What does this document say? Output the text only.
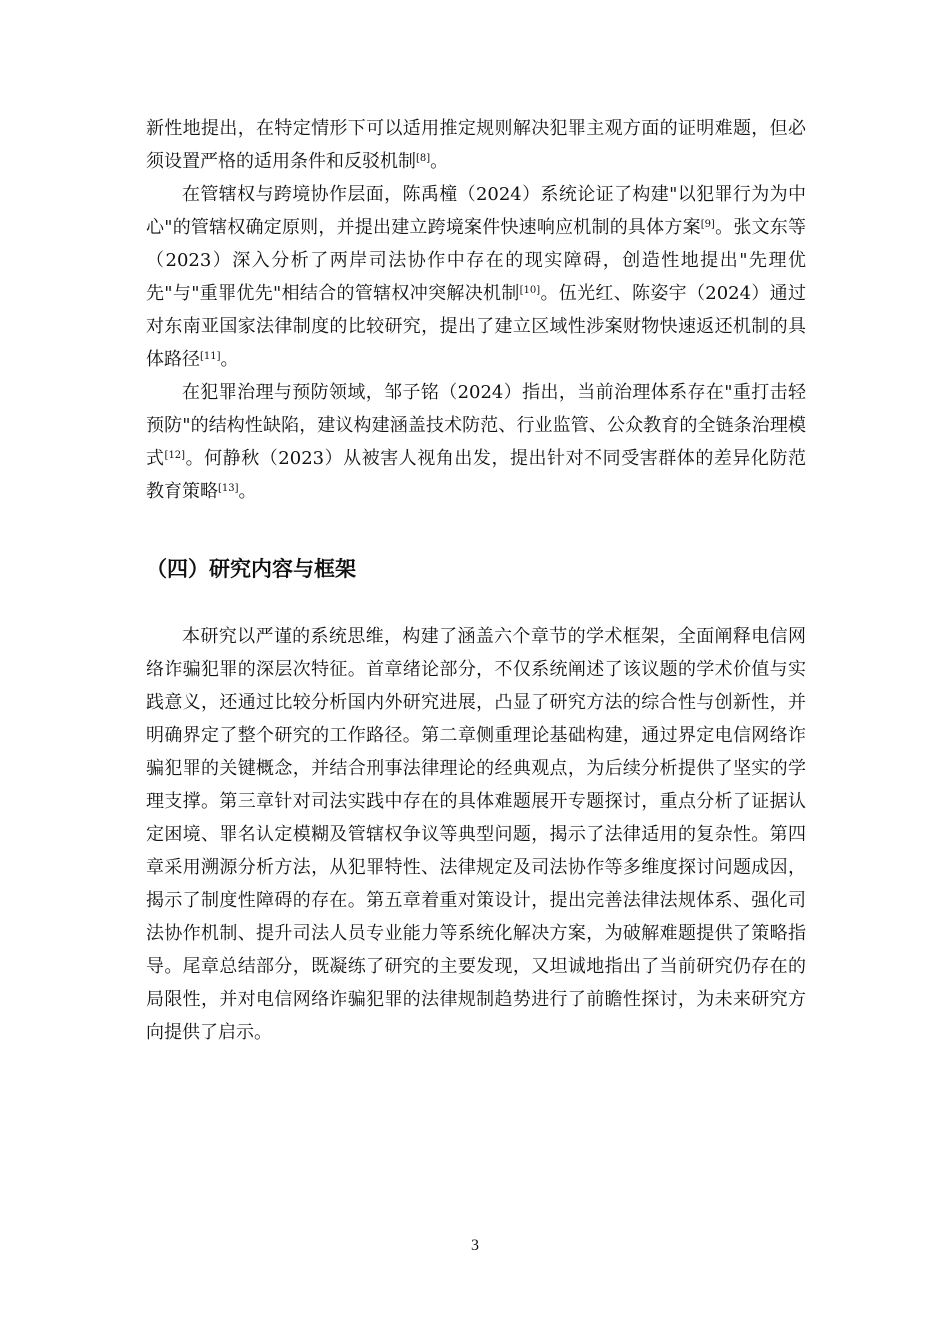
新性地提出，在特定情形下可以适用推定规则解决犯罪主观方面的证明难题，但必须设置严格的适用条件和反驳机制[8]。

在管辖权与跨境协作层面，陈禹橦（2024）系统论证了构建"以犯罪行为为中心"的管辖权确定原则，并提出建立跨境案件快速响应机制的具体方案[9]。张文东等（2023）深入分析了两岸司法协作中存在的现实障碍，创造性地提出"先理优先"与"重罪优先"相结合的管辖权冲突解决机制[10]。伍光红、陈姿宇（2024）通过对东南亚国家法律制度的比较研究，提出了建立区域性涉案财物快速返还机制的具体路径[11]。

在犯罪治理与预防领域，邹子铭（2024）指出，当前治理体系存在"重打击轻预防"的结构性缺陷，建议构建涵盖技术防范、行业监管、公众教育的全链条治理模式[12]。何静秋（2023）从被害人视角出发，提出针对不同受害群体的差异化防范教育策略[13]。

（四）研究内容与框架

本研究以严谨的系统思维，构建了涵盖六个章节的学术框架，全面阐释电信网络诈骗犯罪的深层次特征。首章绪论部分，不仅系统阐述了该议题的学术价值与实践意义，还通过比较分析国内外研究进展，凸显了研究方法的综合性与创新性，并明确界定了整个研究的工作路径。第二章侧重理论基础构建，通过界定电信网络诈骗犯罪的关键概念，并结合刑事法律理论的经典观点，为后续分析提供了坚实的学理支撑。第三章针对司法实践中存在的具体难题展开专题探讨，重点分析了证据认定困境、罪名认定模糊及管辖权争议等典型问题，揭示了法律适用的复杂性。第四章采用溯源分析方法，从犯罪特性、法律规定及司法协作等多维度探讨问题成因，揭示了制度性障碍的存在。第五章着重对策设计，提出完善法律法规体系、强化司法协作机制、提升司法人员专业能力等系统化解决方案，为破解难题提供了策略指导。尾章总结部分，既凝练了研究的主要发现，又坦诚地指出了当前研究仍存在的局限性，并对电信网络诈骗犯罪的法律规制趋势进行了前瞻性探讨，为未来研究方向提供了启示。

3
